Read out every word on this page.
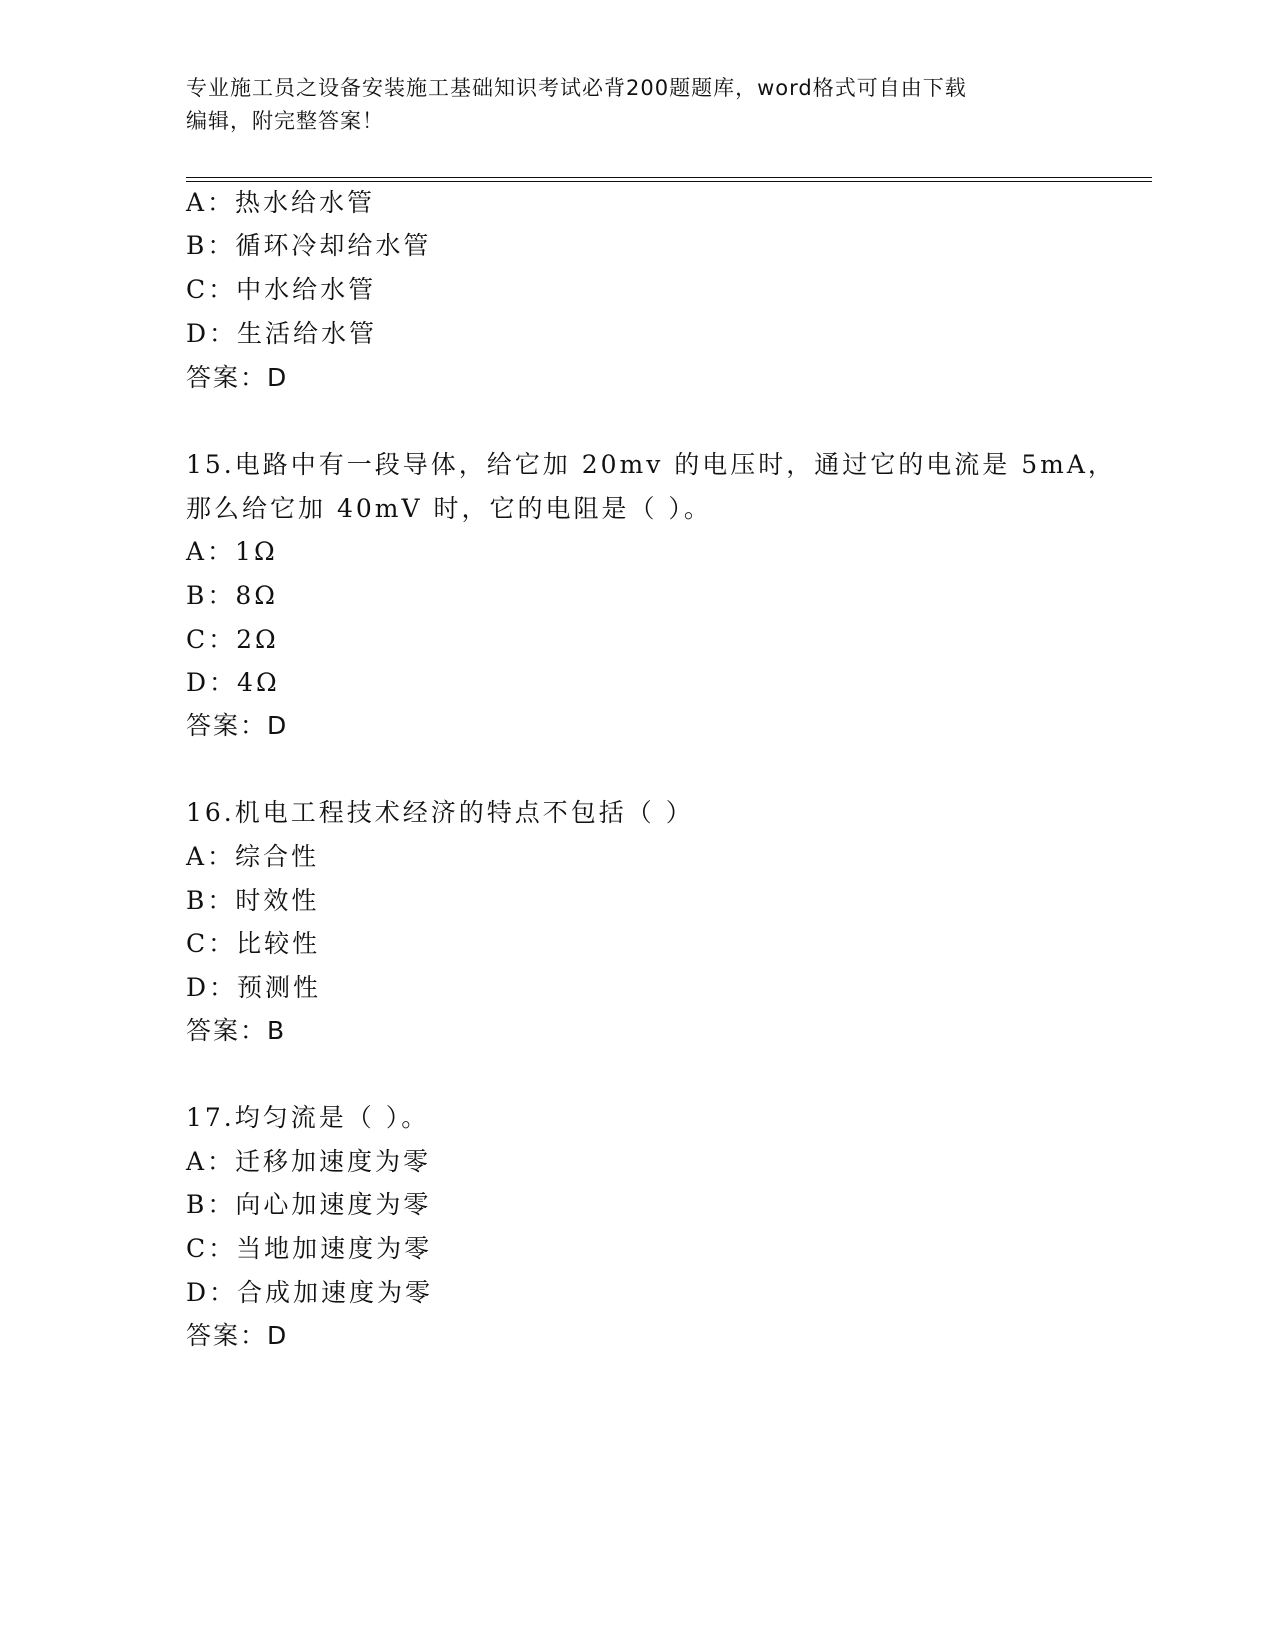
专业施工员之设备安装施工基础知识考试必背200题题库，word格式可自由下载
编辑，附完整答案！
A：热水给水管
B：循环冷却给水管
C：中水给水管
D：生活给水管
答案：D
15.电路中有一段导体，给它加 20mv 的电压时，通过它的电流是 5mA，
那么给它加 40mV 时，它的电阻是（ ）。
A：1Ω
B：8Ω
C：2Ω
D：4Ω
答案：D
16.机电工程技术经济的特点不包括（ ）
A：综合性
B：时效性
C：比较性
D：预测性
答案：B
17.均匀流是（ ）。
A：迁移加速度为零
B：向心加速度为零
C：当地加速度为零
D：合成加速度为零
答案：D
